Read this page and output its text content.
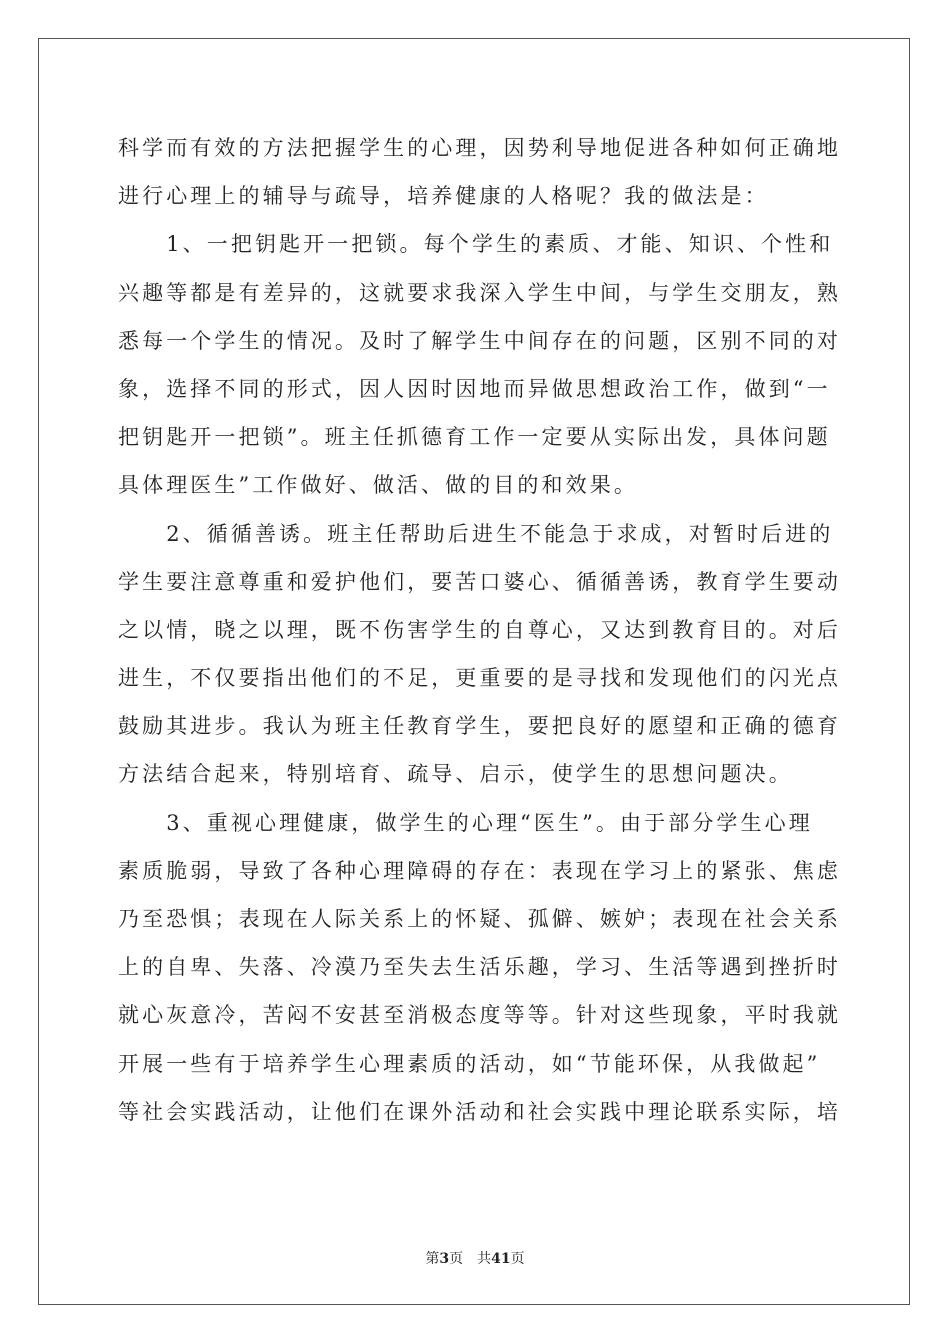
科学而有效的方法把握学生的心理，因势利导地促进各种如何正确地
进行心理上的辅导与疏导，培养健康的人格呢？我的做法是：
　　1、一把钥匙开一把锁。每个学生的素质、才能、知识、个性和
兴趣等都是有差异的，这就要求我深入学生中间，与学生交朋友，熟
悉每一个学生的情况。及时了解学生中间存在的问题，区别不同的对
象，选择不同的形式，因人因时因地而异做思想政治工作，做到“一
把钥匙开一把锁”。班主任抓德育工作一定要从实际出发，具体问题
具体理医生”工作做好、做活、做的目的和效果。
　　2、循循善诱。班主任帮助后进生不能急于求成，对暂时后进的
学生要注意尊重和爱护他们，要苦口婆心、循循善诱，教育学生要动
之以情，晓之以理，既不伤害学生的自尊心，又达到教育目的。对后
进生，不仅要指出他们的不足，更重要的是寻找和发现他们的闪光点
鼓励其进步。我认为班主任教育学生，要把良好的愿望和正确的德育
方法结合起来，特别培育、疏导、启示，使学生的思想问题决。
　　3、重视心理健康，做学生的心理“医生”。由于部分学生心理
素质脆弱，导致了各种心理障碍的存在：表现在学习上的紧张、焦虑
乃至恐惧；表现在人际关系上的怀疑、孤僻、嫉妒；表现在社会关系
上的自卑、失落、冷漠乃至失去生活乐趣，学习、生活等遇到挫折时
就心灰意冷，苦闷不安甚至消极态度等等。针对这些现象，平时我就
开展一些有于培养学生心理素质的活动，如“节能环保，从我做起”
等社会实践活动，让他们在课外活动和社会实践中理论联系实际，培
第3页 共41页
